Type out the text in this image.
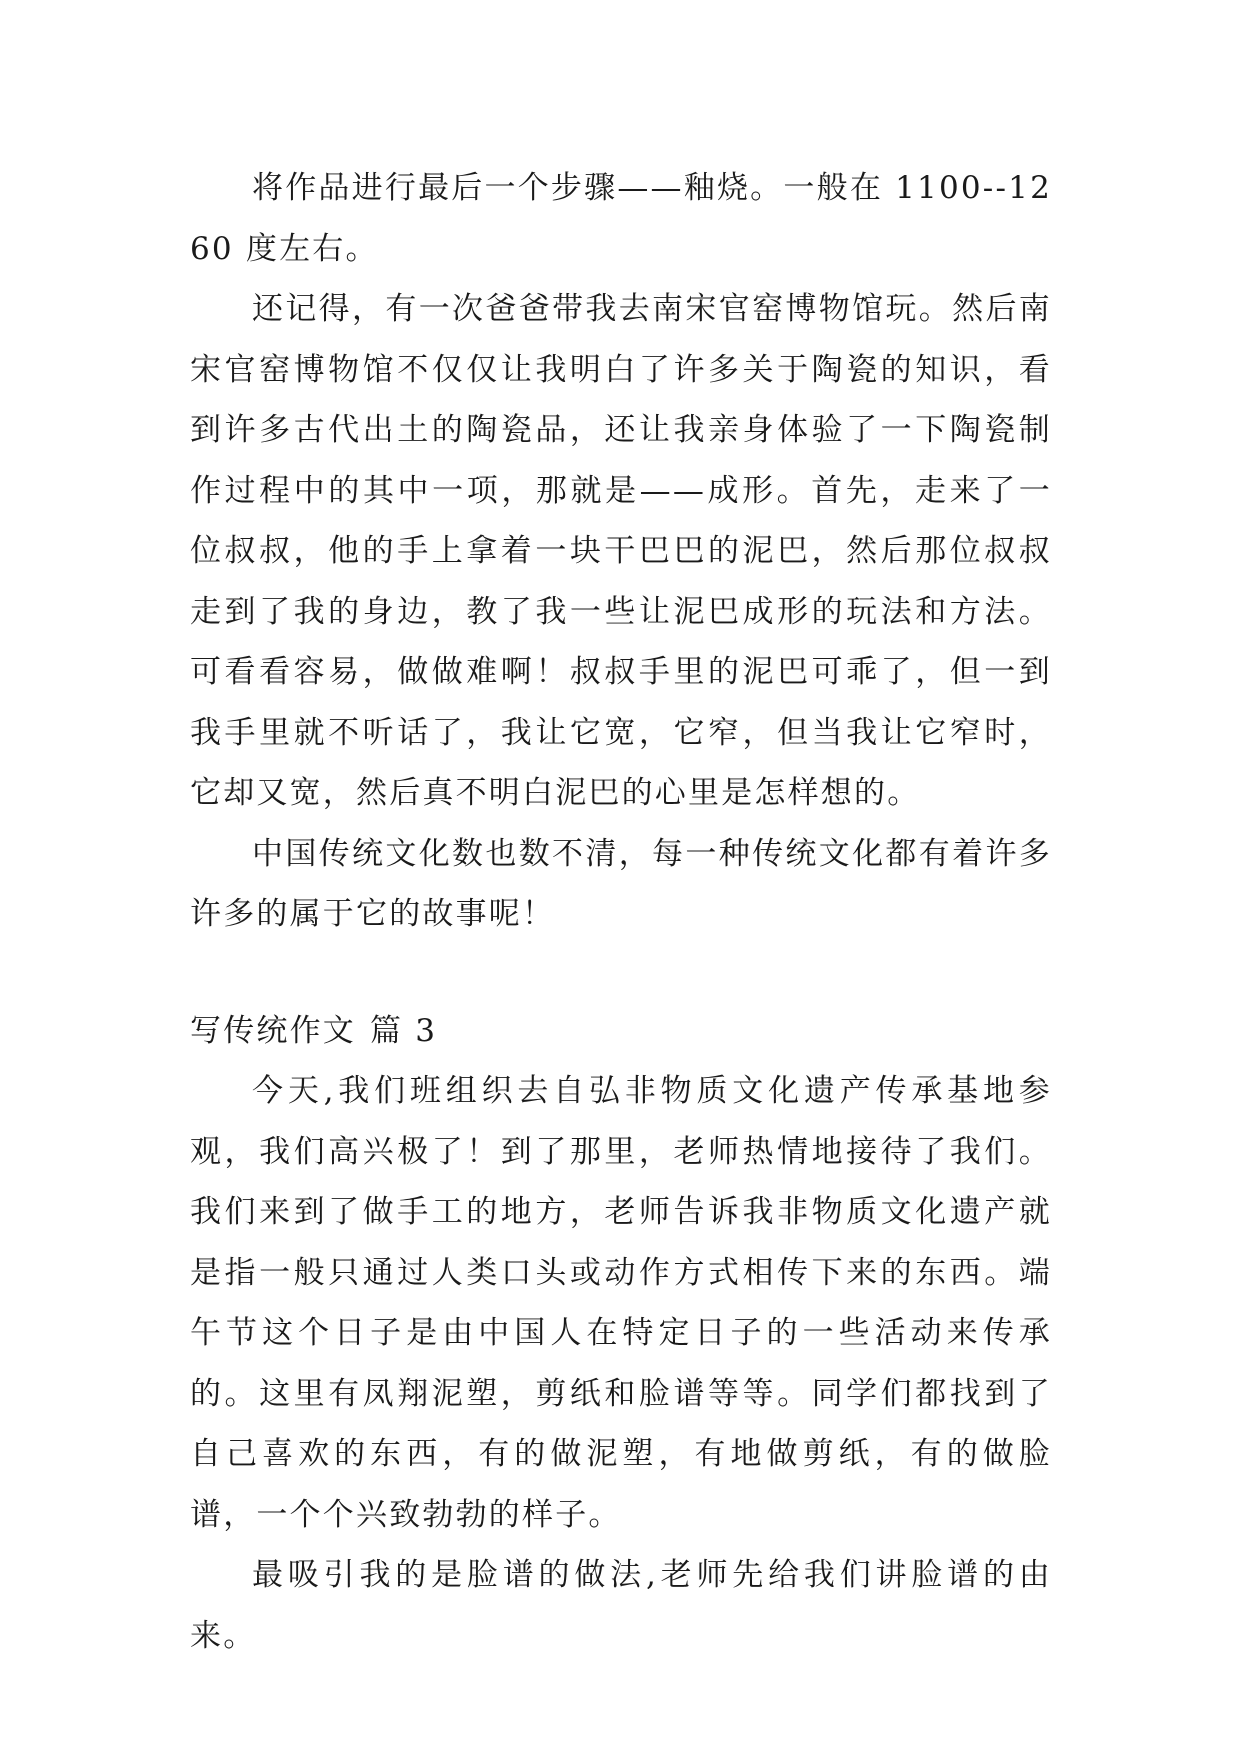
将作品进行最后一个步骤——釉烧。一般在 1100--1260 度左右。

还记得，有一次爸爸带我去南宋官窑博物馆玩。然后南宋官窑博物馆不仅仅让我明白了许多关于陶瓷的知识，看到许多古代出土的陶瓷品，还让我亲身体验了一下陶瓷制作过程中的其中一项，那就是——成形。首先，走来了一位叔叔，他的手上拿着一块干巴巴的泥巴，然后那位叔叔走到了我的身边，教了我一些让泥巴成形的玩法和方法。可看看容易，做做难啊！叔叔手里的泥巴可乖了，但一到我手里就不听话了，我让它宽，它窄，但当我让它窄时，它却又宽，然后真不明白泥巴的心里是怎样想的。

中国传统文化数也数不清，每一种传统文化都有着许多许多的属于它的故事呢！

写传统作文 篇 3

今天,我们班组织去自弘非物质文化遗产传承基地参观，我们高兴极了！到了那里，老师热情地接待了我们。我们来到了做手工的地方，老师告诉我非物质文化遗产就是指一般只通过人类口头或动作方式相传下来的东西。端午节这个日子是由中国人在特定日子的一些活动来传承的。这里有凤翔泥塑，剪纸和脸谱等等。同学们都找到了自己喜欢的东西，有的做泥塑，有地做剪纸，有的做脸谱，一个个兴致勃勃的样子。

最吸引我的是脸谱的做法,老师先给我们讲脸谱的由来。
